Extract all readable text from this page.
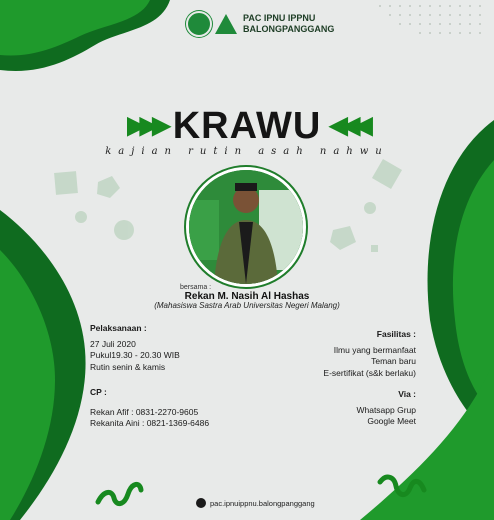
PAC IPNU IPPNU
BALONGPANGGANG
▶▶▶ KRAWU ◀◀◀
kajian rutin asah nahwu
bersama :
Rekan M. Nasih Al Hashas
(Mahasiswa Sastra Arab Universitas Negeri Malang)
Pelaksanaan :
27 Juli 2020
Pukul19.30 - 20.30 WIB
Rutin senin & kamis
Fasilitas :
Ilmu yang bermanfaat
Teman baru
E-sertifikat (s&k berlaku)
CP :
Rekan Afif : 0831-2270-9605
Rekanita Aini : 0821-1369-6486
Via :
Whatsapp Grup
Google Meet
pac.ipnuippnu.balongpanggang
